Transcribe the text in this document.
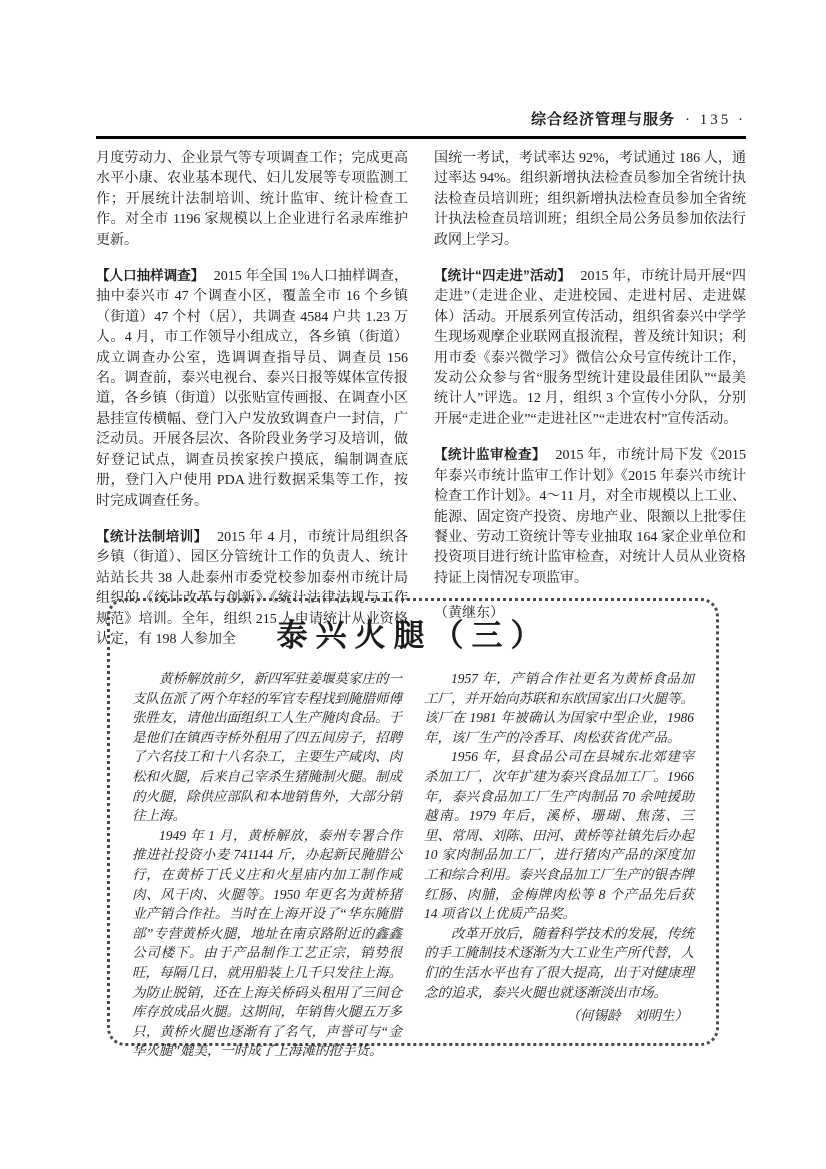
综合经济管理与服务 · 135 ·

月度劳动力、企业景气等专项调查工作；完成更高水平小康、农业基本现代、妇儿发展等专项监测工作；开展统计法制培训、统计监审、统计检查工作。对全市 1196 家规模以上企业进行名录库维护更新。

【人口抽样调查】 2015 年全国 1%人口抽样调查，抽中泰兴市 47 个调查小区，覆盖全市 16 个乡镇（街道）47 个村（居），共调查 4584 户共 1.23 万人。4 月，市工作领导小组成立，各乡镇（街道）成立调查办公室，选调调查指导员、调查员 156 名。调查前，泰兴电视台、泰兴日报等媒体宣传报道，各乡镇（街道）以张贴宣传画报、在调查小区悬挂宣传横幅、登门入户发放致调查户一封信，广泛动员。开展各层次、各阶段业务学习及培训，做好登记试点，调查员挨家挨户摸底，编制调查底册，登门入户使用 PDA 进行数据采集等工作，按时完成调查任务。

【统计法制培训】 2015 年 4 月，市统计局组织各乡镇（街道）、园区分管统计工作的负责人、统计站站长共 38 人赴泰州市委党校参加泰州市统计局组织的《统计改革与创新》《统计法律法规与工作规范》培训。全年，组织 215 人申请统计从业资格认定，有 198 人参加全

国统一考试，考试率达 92%，考试通过 186 人，通过率达 94%。组织新增执法检查员参加全省统计执法检查员培训班；组织新增执法检查员参加全省统计执法检查员培训班；组织全局公务员参加依法行政网上学习。

【统计“四走进”活动】 2015 年，市统计局开展“四走进”（走进企业、走进校园、走进村居、走进媒体）活动。开展系列宣传活动，组织省泰兴中学学生现场观摩企业联网直报流程，普及统计知识；利用市委《泰兴微学习》微信公众号宣传统计工作，发动公众参与省“服务型统计建设最佳团队”“最美统计人”评选。12 月，组织 3 个宣传小分队，分别开展“走进企业”“走进社区”“走进农村”宣传活动。

【统计监审检查】 2015 年，市统计局下发《2015 年泰兴市统计监审工作计划》《2015 年泰兴市统计检查工作计划》。4～11 月，对全市规模以上工业、能源、固定资产投资、房地产业、限额以上批零住餐业、劳动工资统计等专业抽取 164 家企业单位和投资项目进行统计监审检查，对统计人员从业资格持证上岗情况专项监审。

（黄继东）

泰兴火腿（三）

黄桥解放前夕，新四军驻姜堰莫家庄的一支队伍派了两个年轻的军官专程找到腌腊师傅张胜友，请他出面组织工人生产腌肉食品。于是他们在镇西寺桥外租用了四五间房子，招聘了六名技工和十八名杂工，主要生产咸肉、肉松和火腿，后来自己宰杀生猪腌制火腿。制成的火腿，除供应部队和本地销售外，大部分销往上海。

1949 年 1 月，黄桥解放，泰州专署合作推进社投资小麦 741144 斤，办起新民腌腊公行，在黄桥丁氏义庄和火星庙内加工制作咸肉、风干肉、火腿等。1950 年更名为黄桥猪业产销合作社。当时在上海开设了“华东腌腊部”专营黄桥火腿，地址在南京路附近的鑫鑫公司楼下。由于产品制作工艺正宗，销势很旺，每隔几日，就用船装上几千只发往上海。为防止脱销，还在上海关桥码头租用了三间仓库存放成品火腿。这期间，年销售火腿五万多只，黄桥火腿也逐渐有了名气，声誉可与“金华火腿”媲美，一时成了上海滩的抢手货。

1957 年，产销合作社更名为黄桥食品加工厂，并开始向苏联和东欧国家出口火腿等。该厂在 1981 年被确认为国家中型企业，1986 年，该厂生产的冷香耳、肉松获省优产品。

1956 年，县食品公司在县城东北郊建宰杀加工厂，次年扩建为泰兴食品加工厂。1966 年，泰兴食品加工厂生产肉制品 70 余吨援助越南。1979 年后，溪桥、珊瑚、焦荡、三里、常周、刘陈、田河、黄桥等社镇先后办起 10 家肉制品加工厂，进行猪肉产品的深度加工和综合利用。泰兴食品加工厂生产的银杏牌红肠、肉脯，金梅牌肉松等 8 个产品先后获 14 项省以上优质产品奖。

改革开放后，随着科学技术的发展，传统的手工腌制技术逐渐为大工业生产所代替，人们的生活水平也有了很大提高，出于对健康理念的追求，泰兴火腿也就逐渐淡出市场。

（何锡龄　刘明生）
